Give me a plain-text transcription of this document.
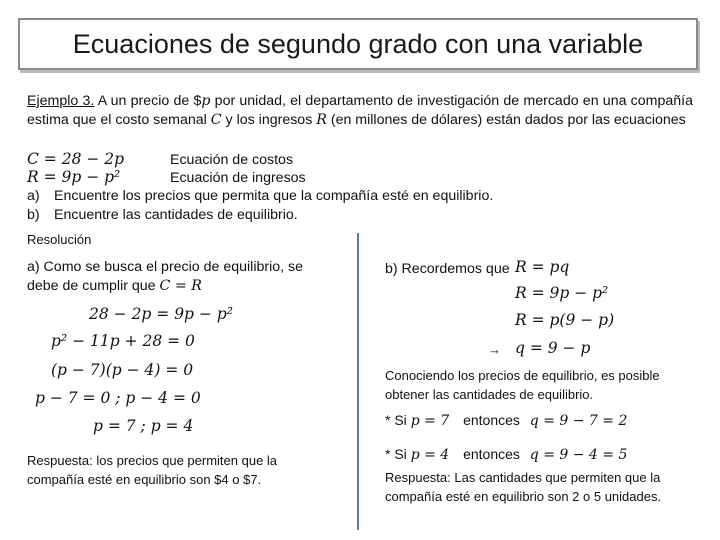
Ecuaciones de segundo grado con una variable
Ejemplo 3. A un precio de $p por unidad, el departamento de investigación de mercado en una compañía estima que el costo semanal C y los ingresos R (en millones de dólares) están dados por las ecuaciones
C = 28 − 2p	Ecuación de costos
R = 9p − p²	Ecuación de ingresos
a) Encuentre los precios que permita que la compañía esté en equilibrio.
b) Encuentre las cantidades de equilibrio.
Resolución
a) Como se busca el precio de equilibrio, se debe de cumplir que C = R
28 − 2p = 9p − p²
p² − 11p + 28 = 0
(p − 7)(p − 4) = 0
p − 7 = 0 ; p − 4 = 0
p = 7 ; p = 4
Respuesta: los precios que permiten que la compañía esté en equilibrio son $4 o $7.
b) Recordemos que R = pq
R = 9p − p²
R = p(9 − p)
→ q = 9 − p
Conociendo los precios de equilibrio, es posible obtener las cantidades de equilibrio.
* Si p = 7 entonces q = 9 − 7 = 2
* Si p = 4 entonces q = 9 − 4 = 5
Respuesta: Las cantidades que permiten que la compañía esté en equilibrio son 2 o 5 unidades.
